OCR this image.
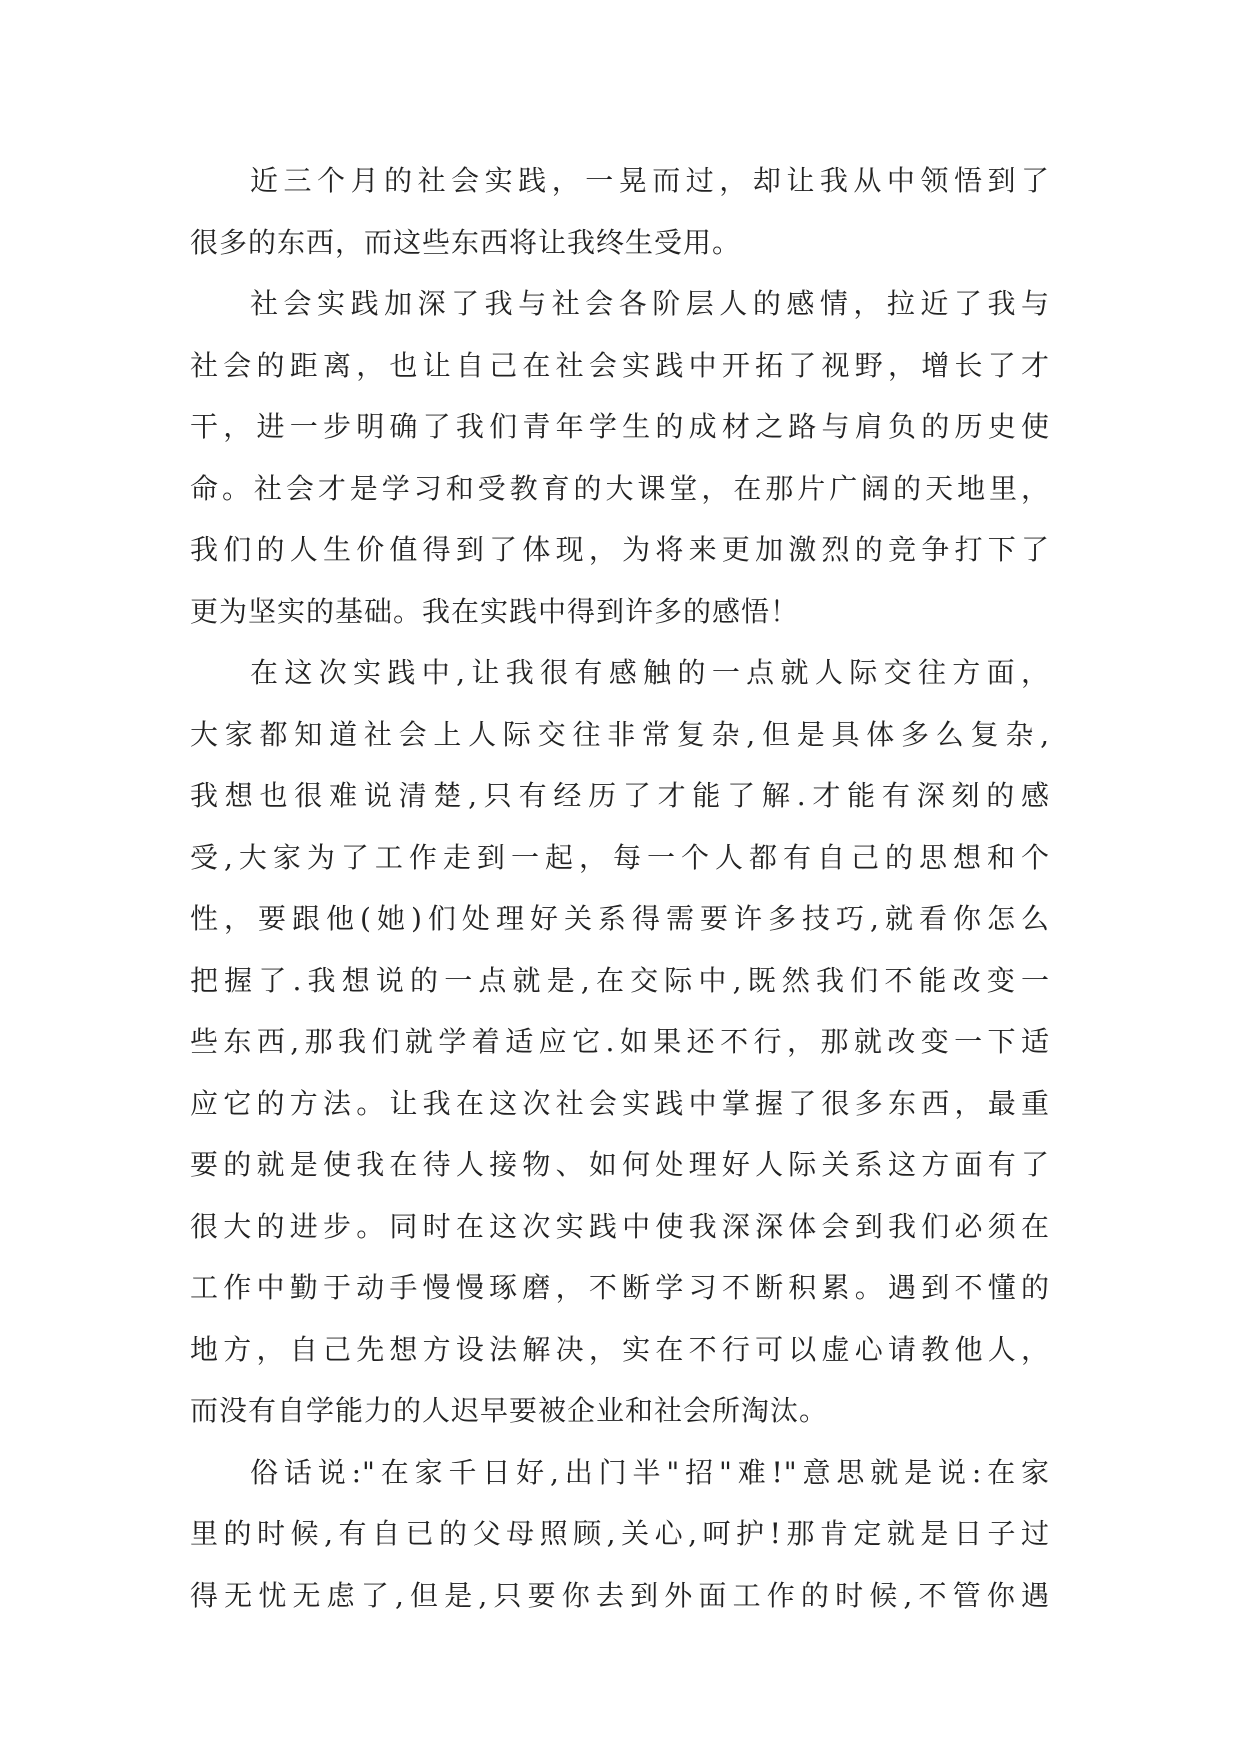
近三个月的社会实践，一晃而过，却让我从中领悟到了
很多的东西，而这些东西将让我终生受用。
社会实践加深了我与社会各阶层人的感情，拉近了我与
社会的距离，也让自己在社会实践中开拓了视野，增长了才
干，进一步明确了我们青年学生的成材之路与肩负的历史使
命。社会才是学习和受教育的大课堂，在那片广阔的天地里，
我们的人生价值得到了体现，为将来更加激烈的竞争打下了
更为坚实的基础。我在实践中得到许多的感悟！
在这次实践中,让我很有感触的一点就人际交往方面，
大家都知道社会上人际交往非常复杂,但是具体多么复杂,
我想也很难说清楚,只有经历了才能了解.才能有深刻的感
受,大家为了工作走到一起，每一个人都有自己的思想和个
性，要跟他(她)们处理好关系得需要许多技巧,就看你怎么
把握了.我想说的一点就是,在交际中,既然我们不能改变一
些东西,那我们就学着适应它.如果还不行，那就改变一下适
应它的方法。让我在这次社会实践中掌握了很多东西，最重
要的就是使我在待人接物、如何处理好人际关系这方面有了
很大的进步。同时在这次实践中使我深深体会到我们必须在
工作中勤于动手慢慢琢磨，不断学习不断积累。遇到不懂的
地方，自己先想方设法解决，实在不行可以虚心请教他人，
而没有自学能力的人迟早要被企业和社会所淘汰。
俗话说:"在家千日好,出门半"招"难!"意思就是说:在家
里的时候,有自已的父母照顾,关心,呵护!那肯定就是日子过
得无忧无虑了,但是,只要你去到外面工作的时候,不管你遇
